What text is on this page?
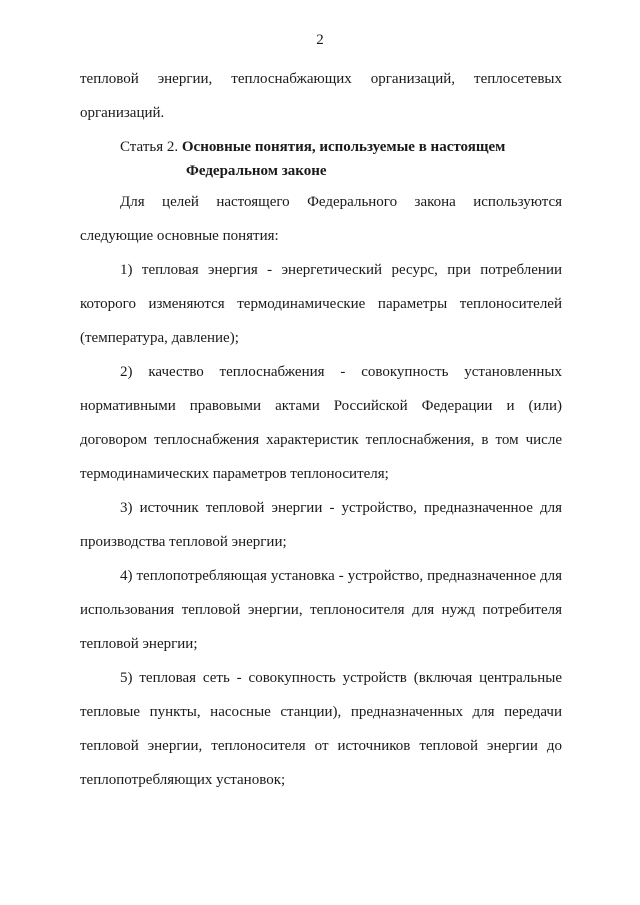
2
тепловой энергии, теплоснабжающих организаций, теплосетевых
организаций.
Статья 2. Основные понятия, используемые в настоящем
Федеральном законе
Для целей настоящего Федерального закона используются
следующие основные понятия:
1) тепловая энергия - энергетический ресурс, при потреблении
которого изменяются термодинамические параметры теплоносителей
(температура, давление);
2) качество теплоснабжения - совокупность установленных
нормативными правовыми актами Российской Федерации и (или)
договором теплоснабжения характеристик теплоснабжения, в том числе
термодинамических параметров теплоносителя;
3) источник тепловой энергии - устройство, предназначенное для
производства тепловой энергии;
4) теплопотребляющая установка - устройство, предназначенное для
использования тепловой энергии, теплоносителя для нужд потребителя
тепловой энергии;
5) тепловая сеть - совокупность устройств (включая центральные
тепловые пункты, насосные станции), предназначенных для передачи
тепловой энергии, теплоносителя от источников тепловой энергии до
теплопотребляющих установок;
